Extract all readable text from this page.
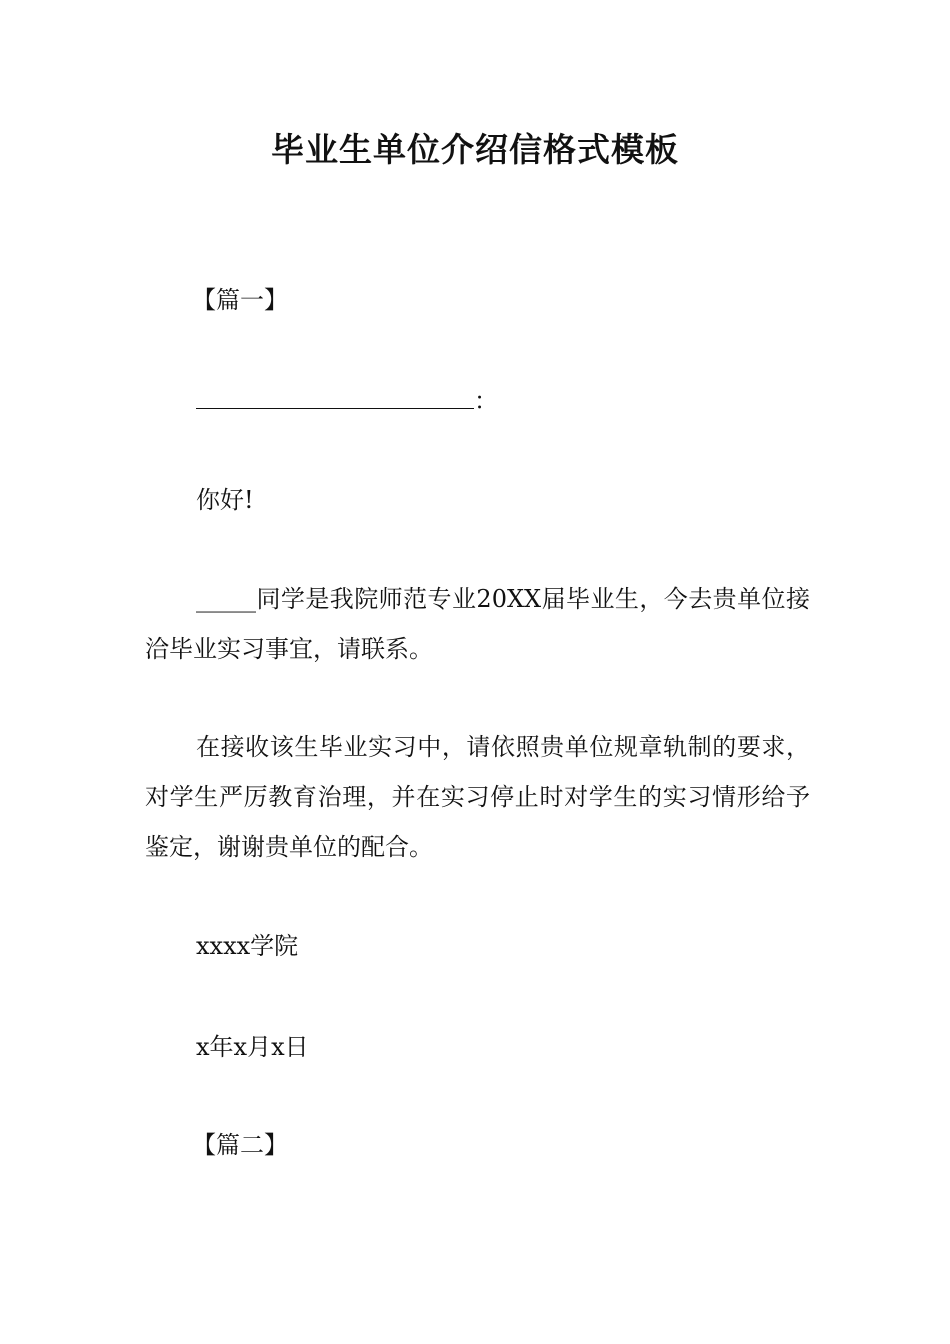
毕业生单位介绍信格式模板
【篇一】
：
你好!
_____同学是我院师范专业20XX届毕业生，今去贵单位接洽毕业实习事宜，请联系。
在接收该生毕业实习中，请依照贵单位规章轨制的要求，对学生严厉教育治理，并在实习停止时对学生的实习情形给予鉴定，谢谢贵单位的配合。
xxxx学院
x年x月x日
【篇二】
